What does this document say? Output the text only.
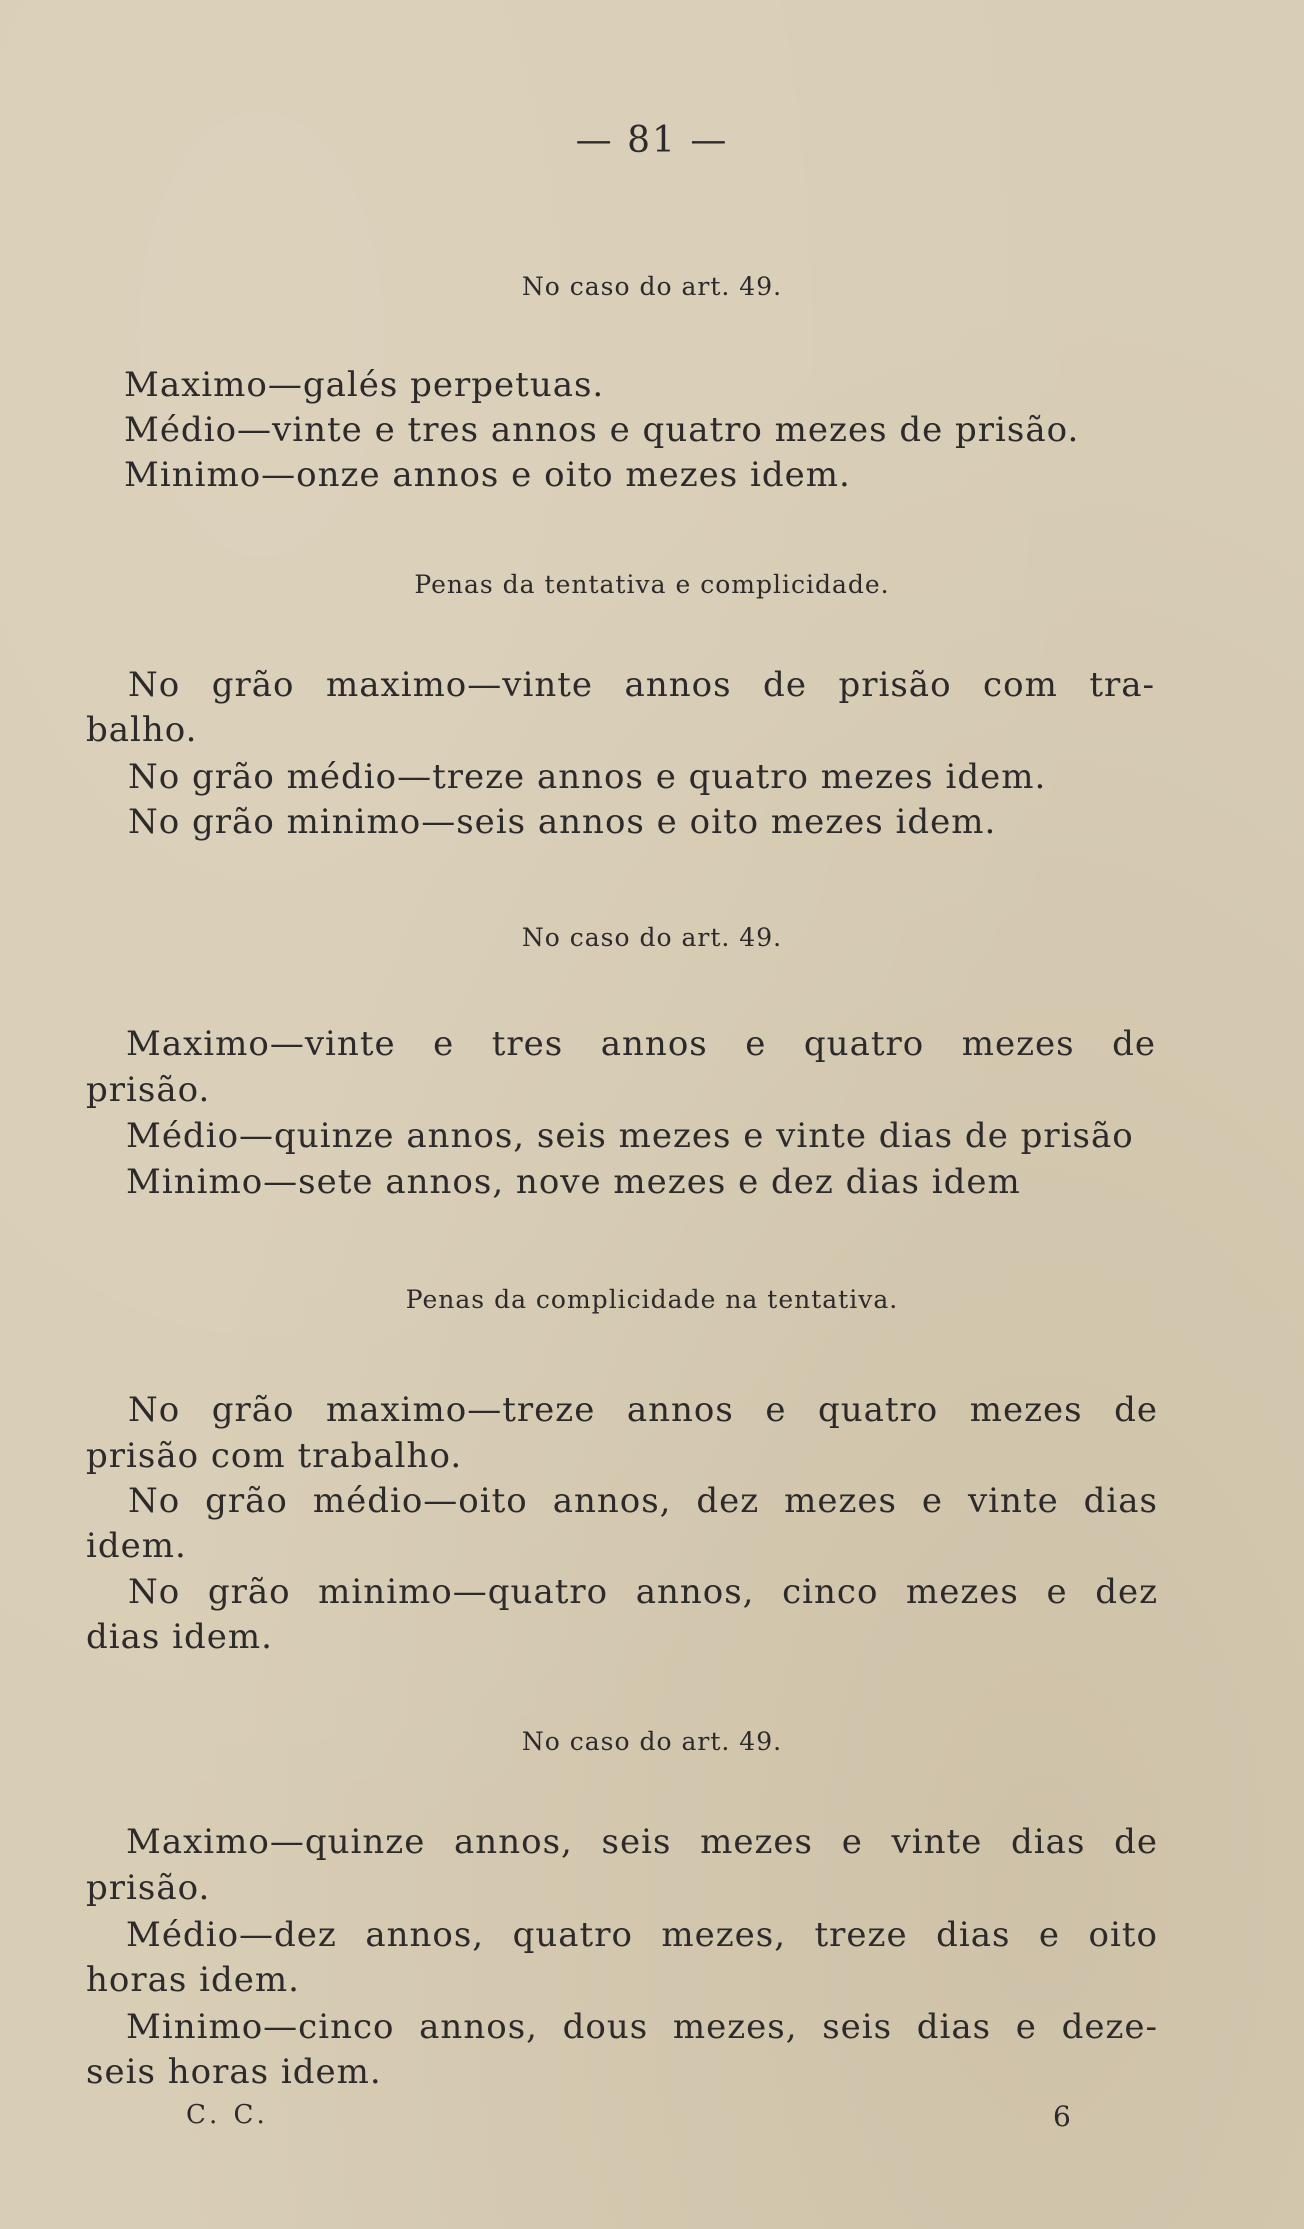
— 81 —
No caso do art. 49.
Maximo—galés perpetuas.
Médio—vinte e tres annos e quatro mezes de prisão.
Minimo—onze annos e oito mezes idem.
Penas da tentativa e complicidade.
No grão maximo—vinte annos de prisão com tra-
balho.
No grão médio—treze annos e quatro mezes idem.
No grão minimo—seis annos e oito mezes idem.
No caso do art. 49.
Maximo—vinte e tres annos e quatro mezes de
prisão.
Médio—quinze annos, seis mezes e vinte dias de prisão
Minimo—sete annos, nove mezes e dez dias idem
Penas da complicidade na tentativa.
No grão maximo—treze annos e quatro mezes de
prisão com trabalho.
No grão médio—oito annos, dez mezes e vinte dias
idem.
No grão minimo—quatro annos, cinco mezes e dez
dias idem.
No caso do art. 49.
Maximo—quinze annos, seis mezes e vinte dias de
prisão.
Médio—dez annos, quatro mezes, treze dias e oito
horas idem.
Minimo—cinco annos, dous mezes, seis dias e deze-
seis horas idem.
C. C.	6
